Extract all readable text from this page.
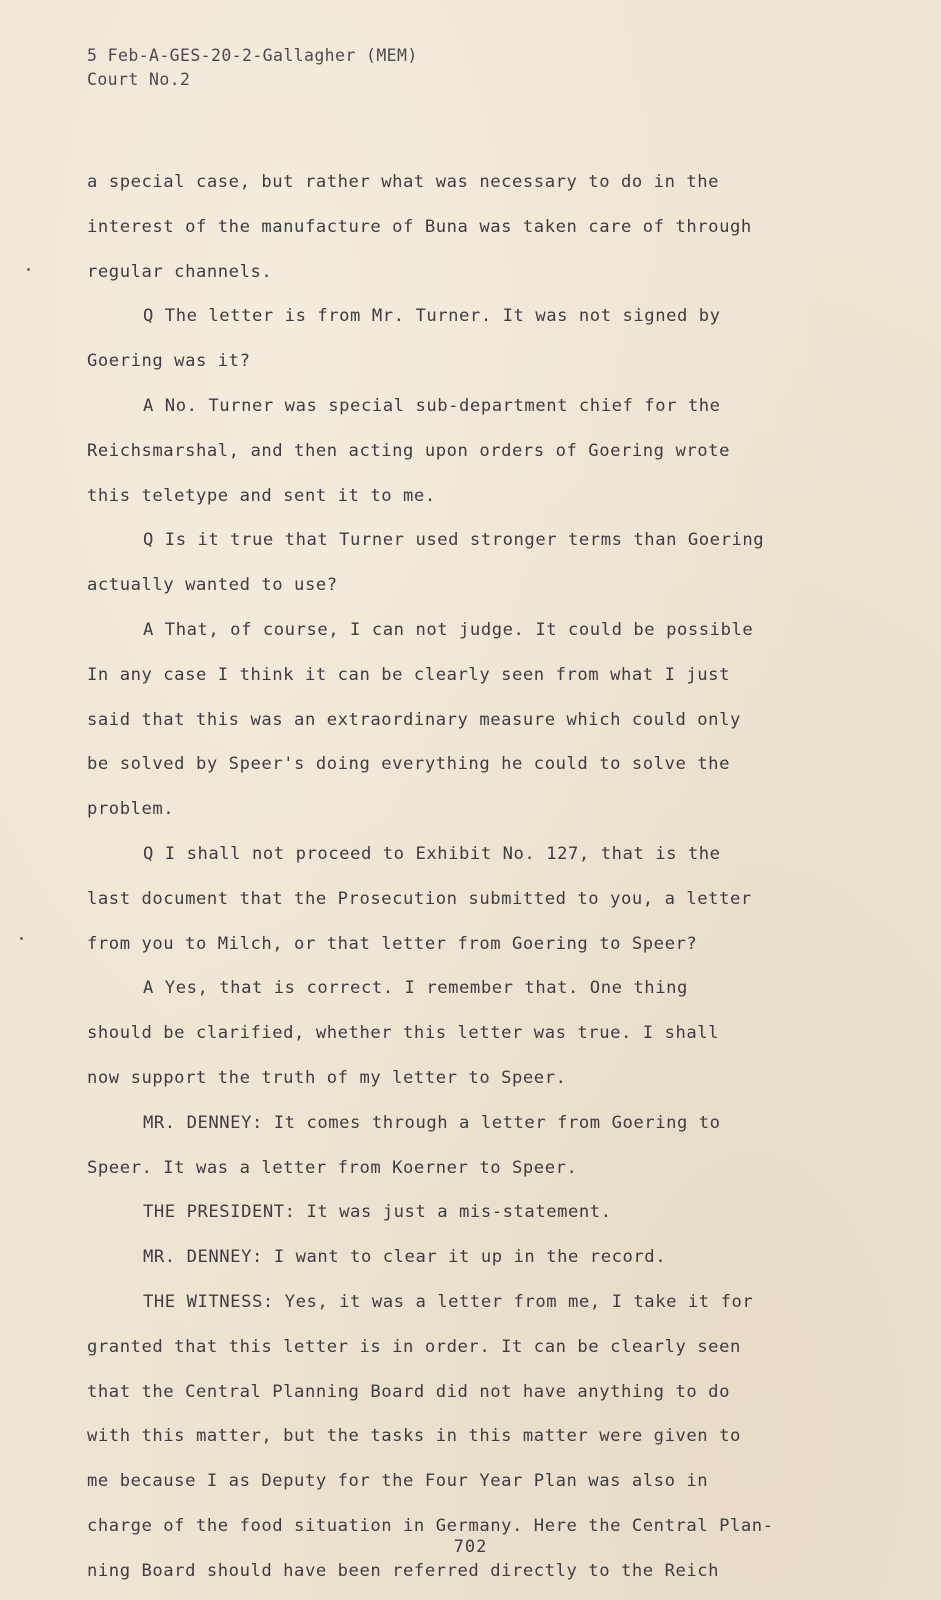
5 Feb-A-GES-20-2-Gallagher (MEM)
Court No.2
a special case, but rather what was necessary to do in the
interest of the manufacture of Buna was taken care of through
regular channels.
Q The letter is from Mr. Turner. It was not signed by
Goering was it?
A No. Turner was special sub-department chief for the
Reichsmarshal, and then acting upon orders of Goering wrote
this teletype and sent it to me.
Q Is it true that Turner used stronger terms than Goering
actually wanted to use?
A That, of course, I can not judge. It could be possible
In any case I think it can be clearly seen from what I just
said that this was an extraordinary measure which could only
be solved by Speer's doing everything he could to solve the
problem.
Q I shall not proceed to Exhibit No. 127, that is the
last document that the Prosecution submitted to you, a letter
from you to Milch, or that letter from Goering to Speer?
A Yes, that is correct. I remember that. One thing
should be clarified, whether this letter was true. I shall
now support the truth of my letter to Speer.
MR. DENNEY: It comes through a letter from Goering to
Speer. It was a letter from Koerner to Speer.
THE PRESIDENT: It was just a mis-statement.
MR. DENNEY: I want to clear it up in the record.
THE WITNESS: Yes, it was a letter from me, I take it for
granted that this letter is in order. It can be clearly seen
that the Central Planning Board did not have anything to do
with this matter, but the tasks in this matter were given to
me because I as Deputy for the Four Year Plan was also in
charge of the food situation in Germany. Here the Central Plan-
ning Board should have been referred directly to the Reich
702
